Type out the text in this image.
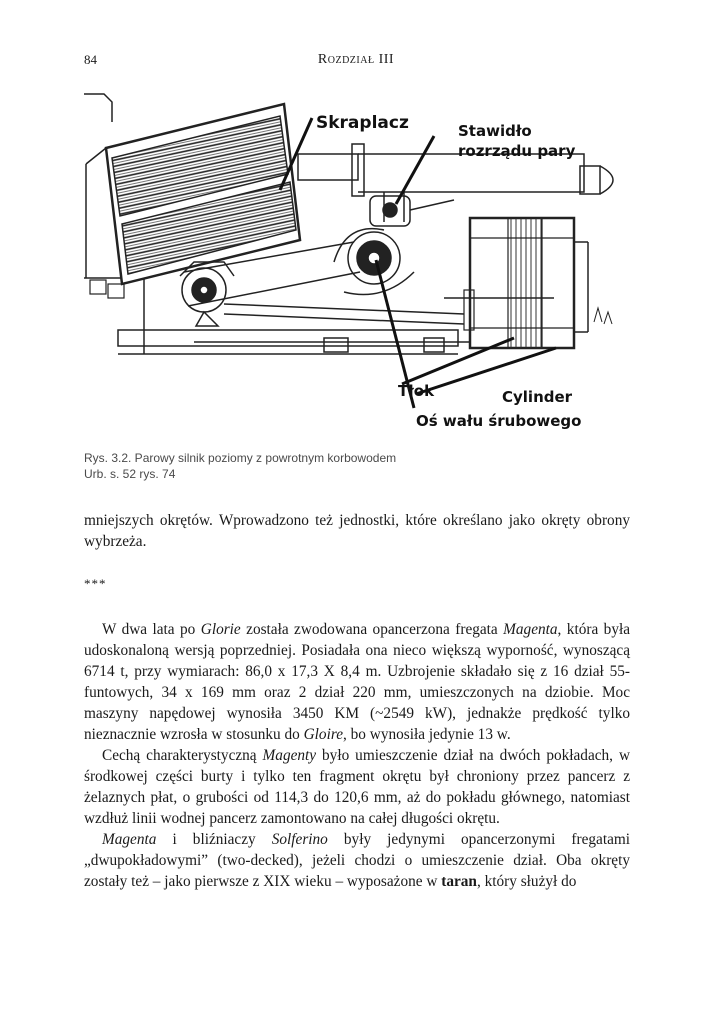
84	Rozdział III
Skraplacz	Stawidło
rozrządu pary
Tłok	Cylinder
Oś wału śrubowego
Rys. 3.2. Parowy silnik poziomy z powrotnym korbowodem
Urb. s. 52 rys. 74

mniejszych okrętów. Wprowadzono też jednostki, które określano jako okręty obrony wybrzeża.

***

W dwa lata po Glorie została zwodowana opancerzona fregata Magenta, która była udoskonaloną wersją poprzedniej. Posiadała ona nieco większą wyporność, wynoszącą 6714 t, przy wymiarach: 86,0 x 17,3 X 8,4 m. Uzbrojenie składało się z 16 dział 55-funtowych, 34 x 169 mm oraz 2 dział 220 mm, umieszczonych na dziobie. Moc maszyny napędowej wynosiła 3450 KM (~2549 kW), jednakże prędkość tylko nieznacznie wzrosła w stosunku do Gloire, bo wynosiła jedynie 13 w.

Cechą charakterystyczną Magenty było umieszczenie dział na dwóch pokładach, w środkowej części burty i tylko ten fragment okrętu był chroniony przez pancerz z żelaznych płat, o grubości od 114,3 do 120,6 mm, aż do pokładu głównego, natomiast wzdłuż linii wodnej pancerz zamontowano na całej długości okrętu.

Magenta i bliźniaczy Solferino były jedynymi opancerzonymi fregatami „dwupokładowymi” (two-decked), jeżeli chodzi o umieszczenie dział. Oba okręty zostały też – jako pierwsze z XIX wieku – wyposażone w taran, który służył do
